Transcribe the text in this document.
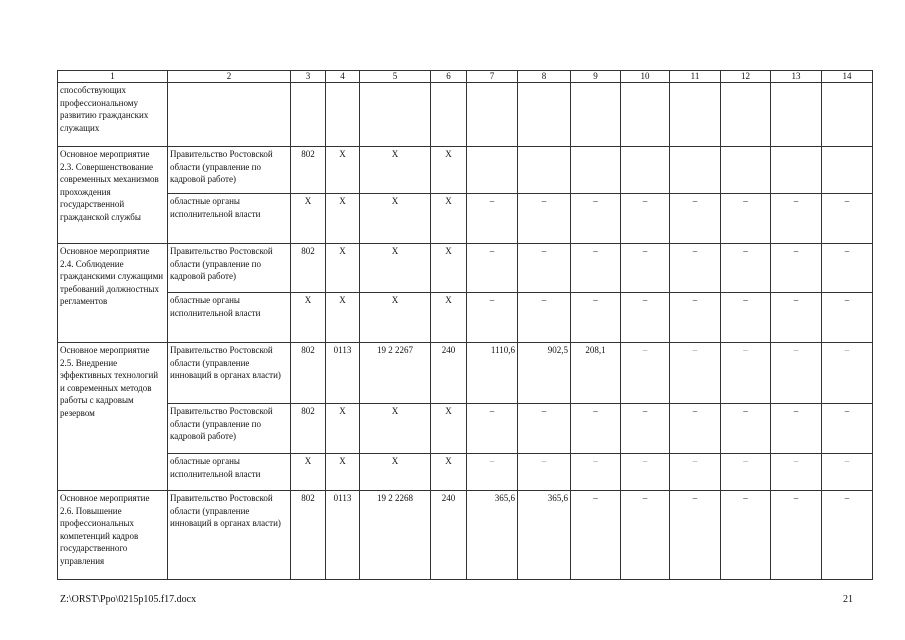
1	2	3	4	5	6	7	8	9	10	11	12	13	14
способствующих профессиональному развитию гражданских служащих													
Основное мероприятие 2.3. Совершенствование современных механизмов прохождения государственной гражданской службы	Правительство Ростовской области (управление по кадровой работе)	802	Х	Х	Х								
	областные органы исполнительной власти	Х	Х	Х	Х	–	–	–	–	–	–	–	–
Основное мероприятие 2.4. Соблюдение гражданскими служащими требований должностных регламентов	Правительство Ростовской области (управление по кадровой работе)	802	Х	Х	Х	–	–	–	–	–	–	–	–
	областные органы исполнительной власти	Х	Х	Х	Х	–	–	–	–	–	–	–	–
Основное мероприятие 2.5. Внедрение эффективных технологий и современных методов работы с кадровым резервом	Правительство Ростовской области (управление инноваций в органах власти)	802	0113	19 2 2267	240	1110,6	902,5	208,1	–	–	–	–	–
	Правительство Ростовской области (управление по кадровой работе)	802	Х	Х	Х	–	–	–	–	–	–	–	–
	областные органы исполнительной власти	Х	Х	Х	Х	–	–	–	–	–	–	–	–
Основное мероприятие 2.6. Повышение профессиональных компетенций кадров государственного управления	Правительство Ростовской области (управление инноваций в органах власти)	802	0113	19 2 2268	240	365,6	365,6	–	–	–	–	–	–
Z:\ORST\Ppo\0215p105.f17.docx	21
